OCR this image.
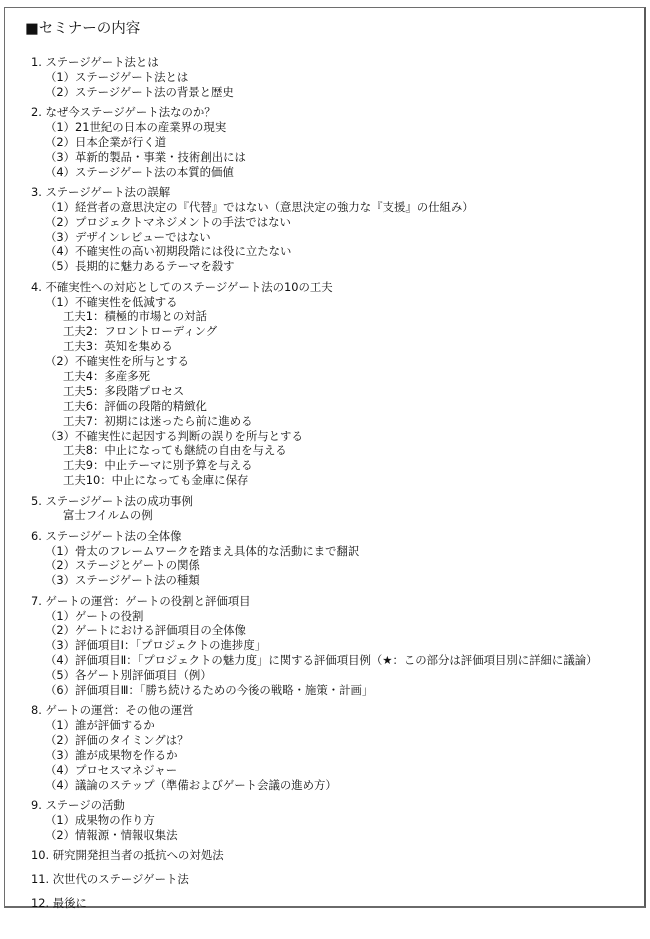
■セミナーの内容
1. ステージゲート法とは
（1）ステージゲート法とは
（2）ステージゲート法の背景と歴史
2. なぜ今ステージゲート法なのか？
（1）21世紀の日本の産業界の現実
（2）日本企業が行く道
（3）革新的製品・事業・技術創出には
（4）ステージゲート法の本質的価値
3. ステージゲート法の誤解
（1）経営者の意思決定の『代替』ではない（意思決定の強力な『支援』の仕組み）
（2）プロジェクトマネジメントの手法ではない
（3）デザインレビューではない
（4）不確実性の高い初期段階には役に立たない
（5）長期的に魅力あるテーマを殺す
4. 不確実性への対応としてのステージゲート法の10の工夫
（1）不確実性を低減する
工夫1：積極的市場との対話
工夫2：フロントローディング
工夫3：英知を集める
（2）不確実性を所与とする
工夫4：多産多死
工夫5：多段階プロセス
工夫6：評価の段階的精緻化
工夫7：初期には迷ったら前に進める
（3）不確実性に起因する判断の誤りを所与とする
工夫8：中止になっても継続の自由を与える
工夫9：中止テーマに別予算を与える
工夫10：中止になっても金庫に保存
5. ステージゲート法の成功事例
富士フイルムの例
6. ステージゲート法の全体像
（1）骨太のフレームワークを踏まえ具体的な活動にまで翻訳
（2）ステージとゲートの関係
（3）ステージゲート法の種類
7. ゲートの運営：ゲートの役割と評価項目
（1）ゲートの役割
（2）ゲートにおける評価項目の全体像
（3）評価項目Ⅰ：「プロジェクトの進捗度」
（4）評価項目Ⅱ：「プロジェクトの魅力度」に関する評価項目例（★：この部分は評価項目別に詳細に議論）
（5）各ゲート別評価項目（例）
（6）評価項目Ⅲ：「勝ち続けるための今後の戦略・施策・計画」
8. ゲートの運営：その他の運営
（1）誰が評価するか
（2）評価のタイミングは？
（3）誰が成果物を作るか
（4）プロセスマネジャー
（4）議論のステップ（準備およびゲート会議の進め方）
9. ステージの活動
（1）成果物の作り方
（2）情報源・情報収集法
10. 研究開発担当者の抵抗への対処法
11. 次世代のステージゲート法
12. 最後に
